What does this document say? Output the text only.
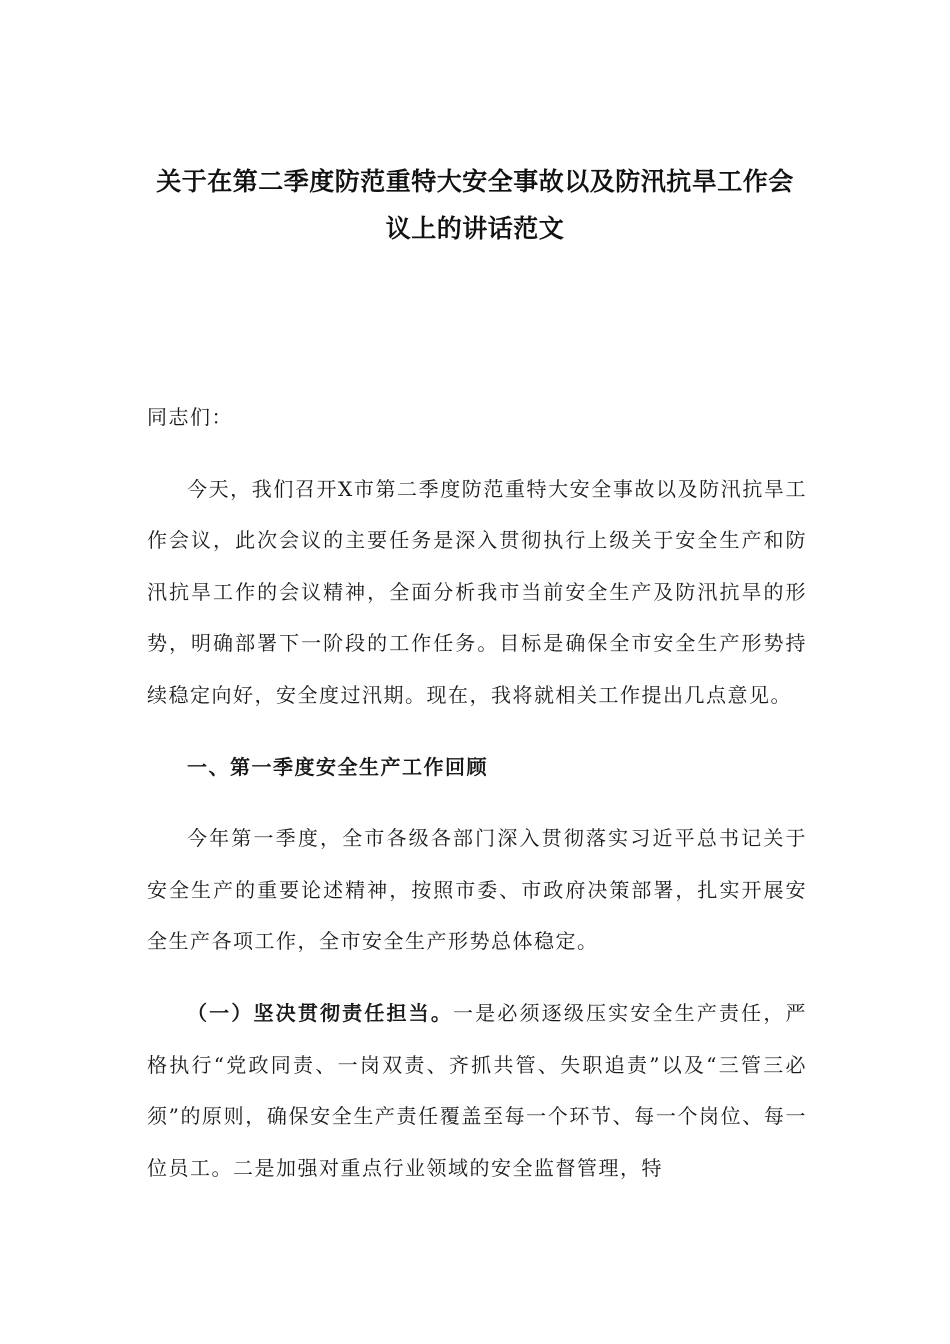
关于在第二季度防范重特大安全事故以及防汛抗旱工作会
议上的讲话范文

同志们：

今天，我们召开X市第二季度防范重特大安全事故以及防汛抗旱工作会议，此次会议的主要任务是深入贯彻执行上级关于安全生产和防汛抗旱工作的会议精神，全面分析我市当前安全生产及防汛抗旱的形势，明确部署下一阶段的工作任务。目标是确保全市安全生产形势持续稳定向好，安全度过汛期。现在，我将就相关工作提出几点意见。

一、第一季度安全生产工作回顾

今年第一季度，全市各级各部门深入贯彻落实习近平总书记关于安全生产的重要论述精神，按照市委、市政府决策部署，扎实开展安全生产各项工作，全市安全生产形势总体稳定。

（一）坚决贯彻责任担当。一是必须逐级压实安全生产责任，严格执行“党政同责、一岗双责、齐抓共管、失职追责”以及“三管三必须”的原则，确保安全生产责任覆盖至每一个环节、每一个岗位、每一位员工。二是加强对重点行业领域的安全监督管理，特
